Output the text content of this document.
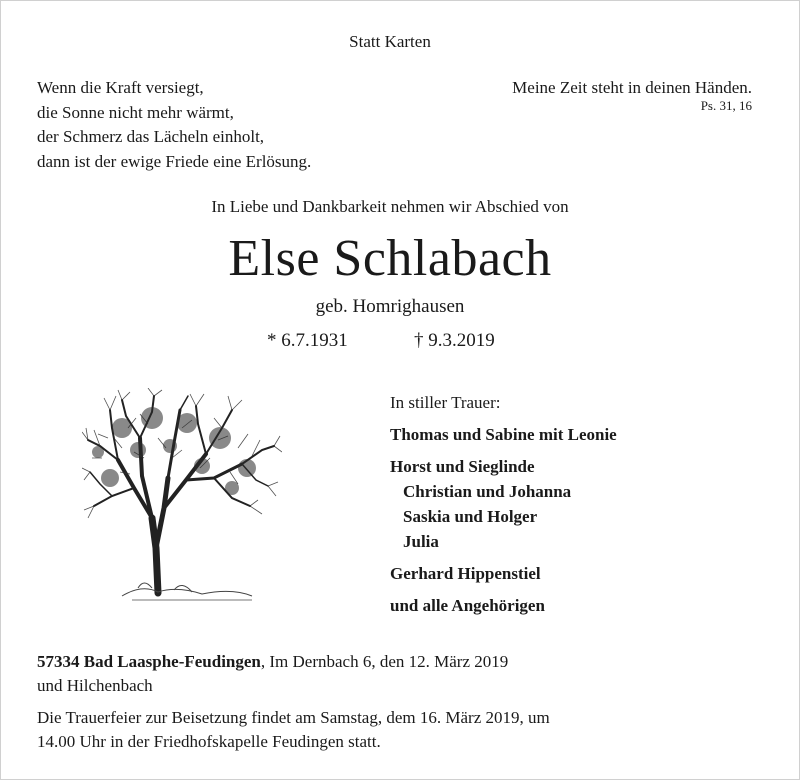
Statt Karten
Wenn die Kraft versiegt,
die Sonne nicht mehr wärmt,
der Schmerz das Lächeln einholt,
dann ist der ewige Friede eine Erlösung.
Meine Zeit steht in deinen Händen.
Ps. 31, 16
In Liebe und Dankbarkeit nehmen wir Abschied von
Else Schlabach
geb. Homrighausen
* 6.7.1931	† 9.3.2019
In stiller Trauer:
Thomas und Sabine mit Leonie
Horst und Sieglinde
Christian und Johanna
Saskia und Holger
Julia
Gerhard Hippenstiel
und alle Angehörigen
57334 Bad Laasphe-Feudingen, Im Dernbach 6, den 12. März 2019
und Hilchenbach
Die Trauerfeier zur Beisetzung findet am Samstag, dem 16. März 2019, um
14.00 Uhr in der Friedhofskapelle Feudingen statt.
